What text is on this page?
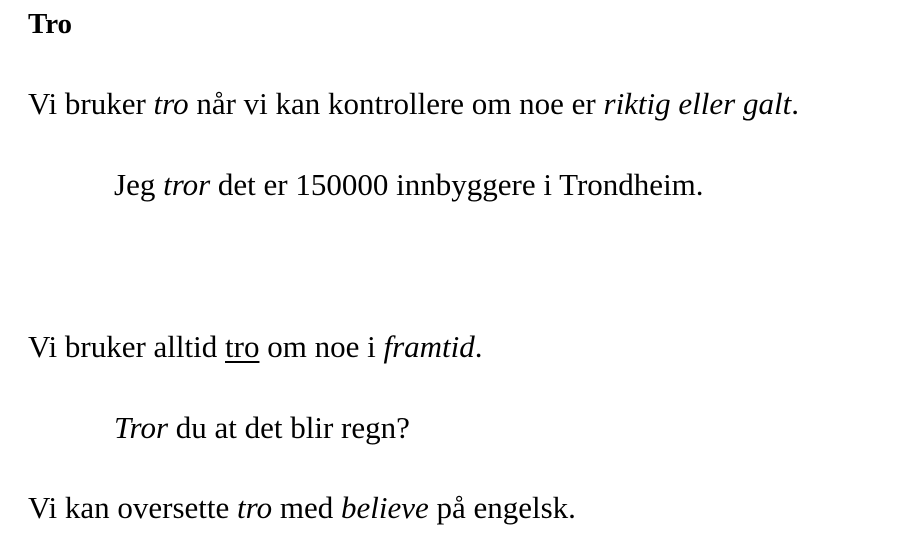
Tro
Vi bruker tro når vi kan kontrollere om noe er riktig eller galt.
Jeg tror det er 150000 innbyggere i Trondheim.
Vi bruker alltid tro om noe i framtid.
Tror du at det blir regn?
Vi kan oversette tro med believe på engelsk.
